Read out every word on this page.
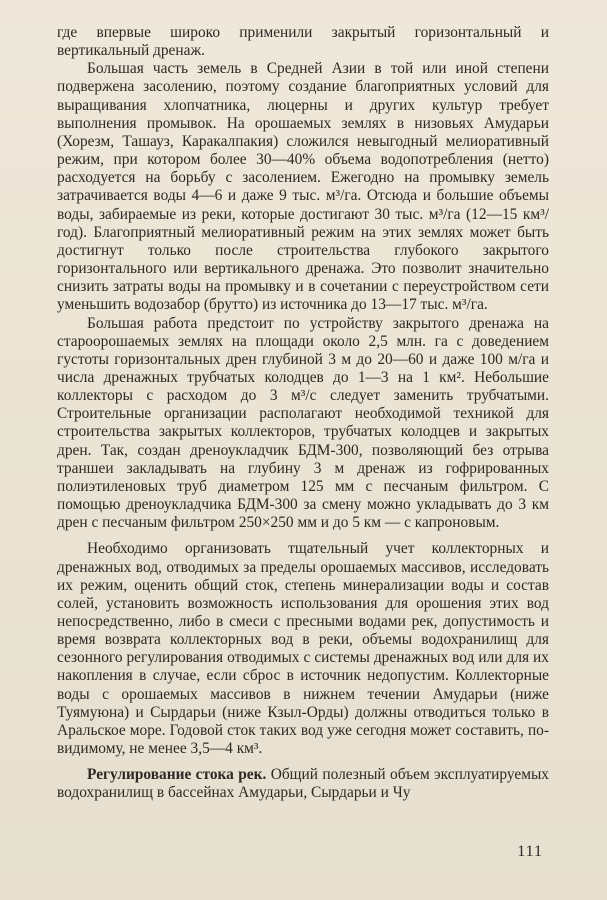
где впервые широко применили закрытый горизонтальный и вертикальный дренаж.

Большая часть земель в Средней Азии в той или иной степени подвержена засолению, поэтому создание благоприятных условий для выращивания хлопчатника, люцерны и других культур требует выполнения промывок. На орошаемых землях в низовьях Амударьи (Хорезм, Ташауз, Каракалпакия) сложился невыгодный мелиоративный режим, при котором более 30—40% объема водопотребления (нетто) расходуется на борьбу с засолением. Ежегодно на промывку земель затрачивается воды 4—6 и даже 9 тыс. м³/га. Отсюда и большие объемы воды, забираемые из реки, которые достигают 30 тыс. м³/га (12—15 км³/год). Благоприятный мелиоративный режим на этих землях может быть достигнут только после строительства глубокого закрытого горизонтального или вертикального дренажа. Это позволит значительно снизить затраты воды на промывку и в сочетании с переустройством сети уменьшить водозабор (брутто) из источника до 13—17 тыс. м³/га.

Большая работа предстоит по устройству закрытого дренажа на староорошаемых землях на площади около 2,5 млн. га с доведением густоты горизонтальных дрен глубиной 3 м до 20—60 и даже 100 м/га и числа дренажных трубчатых колодцев до 1—3 на 1 км². Небольшие коллекторы с расходом до 3 м³/с следует заменить трубчатыми. Строительные организации располагают необходимой техникой для строительства закрытых коллекторов, трубчатых колодцев и закрытых дрен. Так, создан дреноукладчик БДМ-300, позволяющий без отрыва траншеи закладывать на глубину 3 м дренаж из гофрированных полиэтиленовых труб диаметром 125 мм с песчаным фильтром. С помощью дреноукладчика БДМ-300 за смену можно укладывать до 3 км дрен с песчаным фильтром 250×250 мм и до 5 км — с капроновым.

Необходимо организовать тщательный учет коллекторных и дренажных вод, отводимых за пределы орошаемых массивов, исследовать их режим, оценить общий сток, степень минерализации воды и состав солей, установить возможность использования для орошения этих вод непосредственно, либо в смеси с пресными водами рек, допустимость и время возврата коллекторных вод в реки, объемы водохранилищ для сезонного регулирования отводимых с системы дренажных вод или для их накопления в случае, если сброс в источник недопустим. Коллекторные воды с орошаемых массивов в нижнем течении Амударьи (ниже Туямуюна) и Сырдарьи (ниже Кзыл-Орды) должны отводиться только в Аральское море. Годовой сток таких вод уже сегодня может составить, по-видимому, не менее 3,5—4 км³.

Регулирование стока рек. Общий полезный объем эксплуатируемых водохранилищ в бассейнах Амударьи, Сырдарьи и Чу

111
